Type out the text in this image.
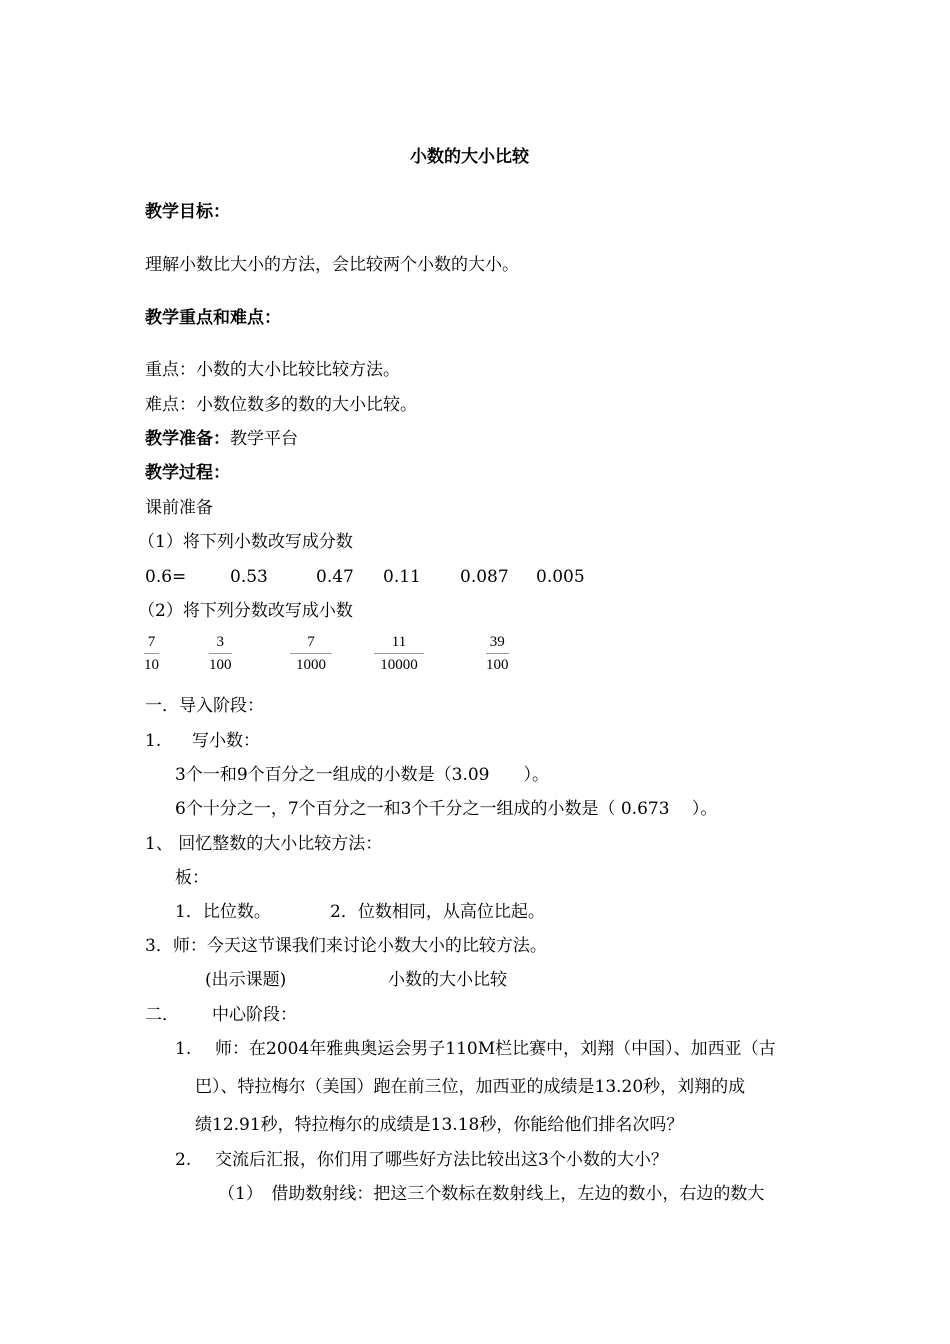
小数的大小比较
教学目标：
理解小数比大小的方法，会比较两个小数的大小。
教学重点和难点：
重点：小数的大小比较比较方法。
难点：小数位数多的数的大小比较。
教学准备：教学平台
教学过程：
课前准备
（1）将下列小数改写成分数
0.6=	0.53	0.47 0.11 0.087 0.005
（2）将下列分数改写成小数
$\frac{7}{10}$	$\frac{3}{100}$	$\frac{7}{1000}$	$\frac{11}{10000}$	$\frac{39}{100}$
一．导入阶段：
1. 写小数：
3个一和9个百分之一组成的小数是（3.09　　）。
6个十分之一，7个百分之一和3个千分之一组成的小数是（ 0.673　 ）。
1、 回忆整数的大小比较方法：
板：
1．比位数。	2．位数相同，从高位比起。
3．师：今天这节课我们来讨论小数大小的比较方法。
(出示课题)	小数的大小比较
二． 中心阶段：
1. 师：在2004年雅典奥运会男子110M栏比赛中，刘翔（中国）、加西亚（古
巴）、特拉梅尔（美国）跑在前三位，加西亚的成绩是13.20秒，刘翔的成
绩12.91秒，特拉梅尔的成绩是13.18秒，你能给他们排名次吗？
2. 交流后汇报，你们用了哪些好方法比较出这3个小数的大小？
（1）　借助数射线：把这三个数标在数射线上，左边的数小，右边的数大
